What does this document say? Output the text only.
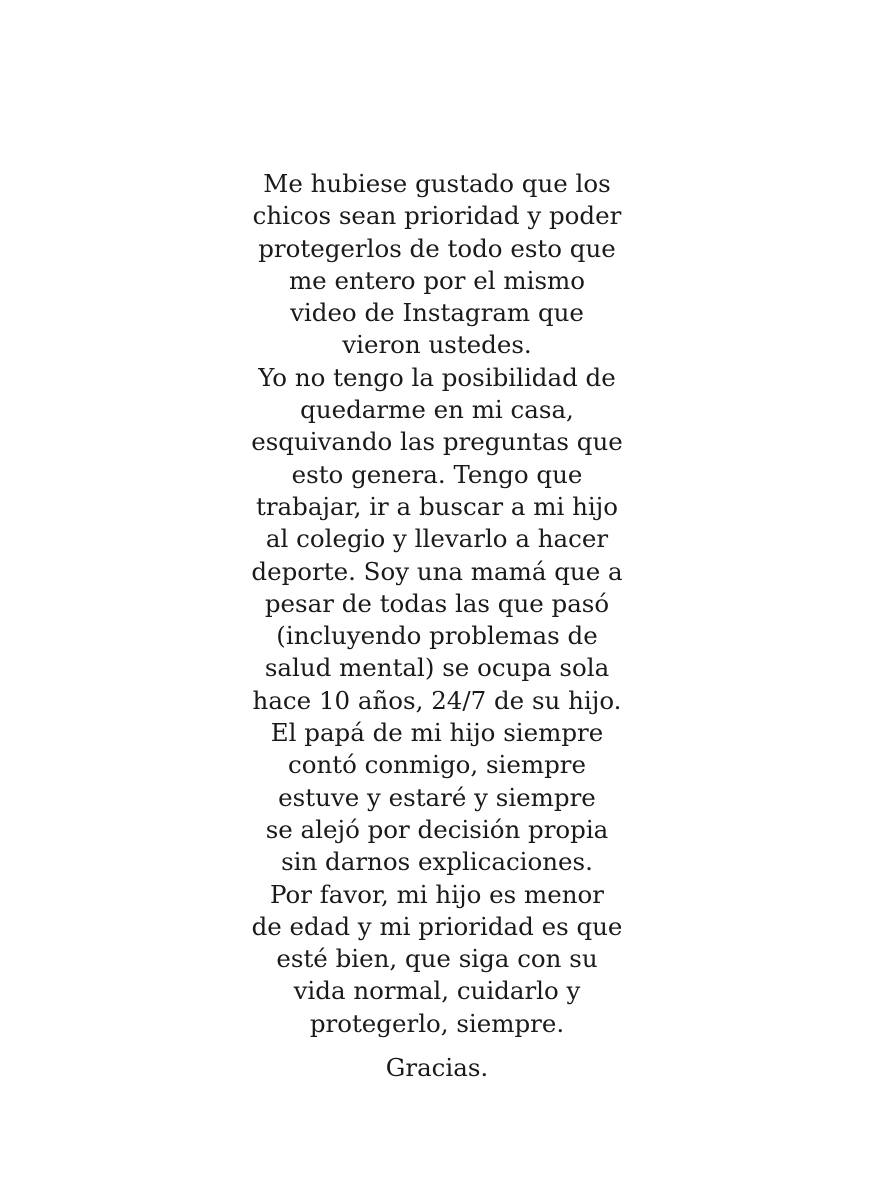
Me hubiese gustado que los
chicos sean prioridad y poder
protegerlos de todo esto que
me entero por el mismo
video de Instagram que
vieron ustedes.
Yo no tengo la posibilidad de
quedarme en mi casa,
esquivando las preguntas que
esto genera. Tengo que
trabajar, ir a buscar a mi hijo
al colegio y llevarlo a hacer
deporte. Soy una mamá que a
pesar de todas las que pasó
(incluyendo problemas de
salud mental) se ocupa sola
hace 10 años, 24/7 de su hijo.
El papá de mi hijo siempre
contó conmigo, siempre
estuve y estaré y siempre
se alejó por decisión propia
sin darnos explicaciones.
Por favor, mi hijo es menor
de edad y mi prioridad es que
esté bien, que siga con su
vida normal, cuidarlo y
protegerlo, siempre.

Gracias.
